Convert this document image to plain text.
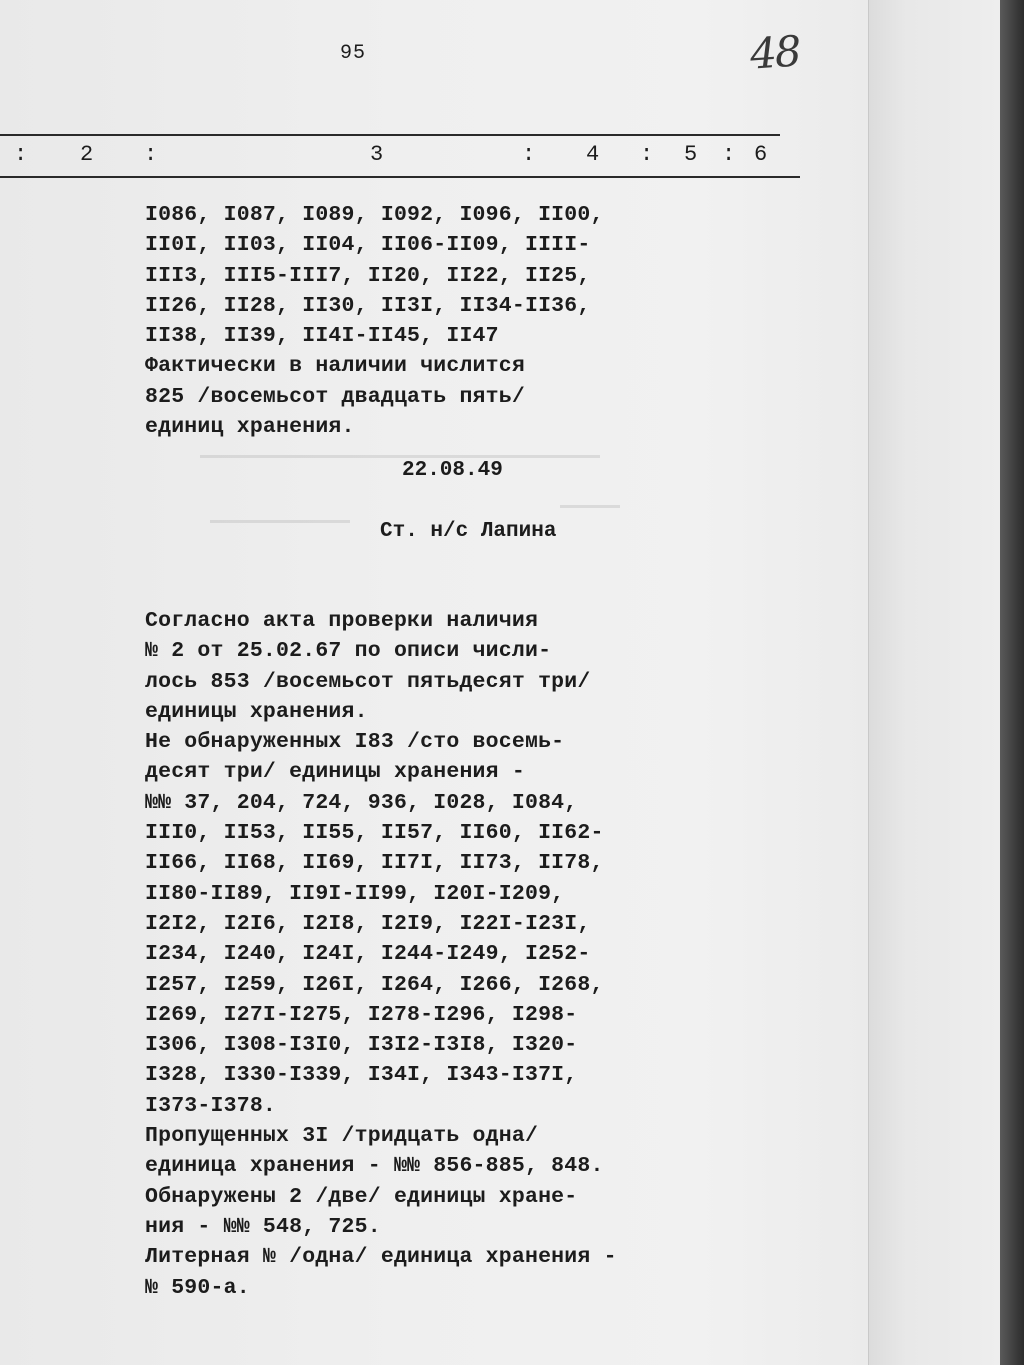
95	48
: 2 :	3	: 4 : 5 : 6
I086, I087, I089, I092, I096, II00,
II0I, II03, II04, II06-II09, IIII-
III3, III5-III7, II20, II22, II25,
II26, II28, II30, II3I, II34-II36,
II38, II39, II4I-II45, II47
Фактически в наличии числится
825 /восемьсот двадцать пять/
единиц хранения.
22.08.49
Ст. н/с Лапина
Согласно акта проверки наличия
№ 2 от 25.02.67 по описи числи-
лось 853 /восемьсот пятьдесят три/
единицы хранения.
Не обнаруженных I83 /сто восемь-
десят три/ единицы хранения -
№№ 37, 204, 724, 936, I028, I084,
III0, II53, II55, II57, II60, II62-
II66, II68, II69, II7I, II73, II78,
II80-II89, II9I-II99, I20I-I209,
I2I2, I2I6, I2I8, I2I9, I22I-I23I,
I234, I240, I24I, I244-I249, I252-
I257, I259, I26I, I264, I266, I268,
I269, I27I-I275, I278-I296, I298-
I306, I308-I3I0, I3I2-I3I8, I320-
I328, I330-I339, I34I, I343-I37I,
I373-I378.
Пропущенных 3I /тридцать одна/
единица хранения - №№ 856-885, 848.
Обнаружены 2 /две/ единицы хране-
ния - №№ 548, 725.
Литерная № /одна/ единица хранения -
№ 590-а.
